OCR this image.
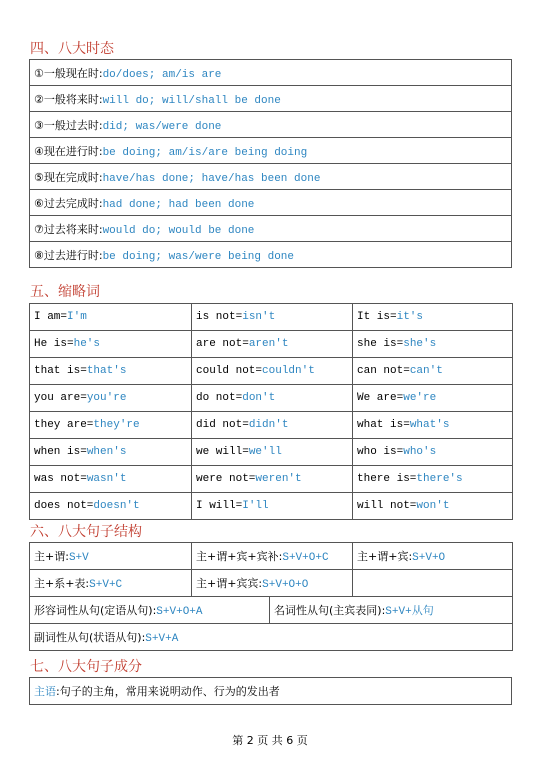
四、八大时态
①一般现在时:do/does; am/is are
②一般将来时:will do; will/shall be done
③一般过去时:did; was/were done
④现在进行时:be doing; am/is/are being doing
⑤现在完成时:have/has done; have/has been done
⑥过去完成时:had done; had been done
⑦过去将来时:would do; would be done
⑧过去进行时:be doing; was/were being done
五、缩略词
I am=I'm	is not=isn't	It is=it's
He is=he's	are not=aren't	she is=she's
that is=that's	could not=couldn't	can not=can't
you are=you're	do not=don't	We are=we're
they are=they're	did not=didn't	what is=what's
when is=when's	we will=we'll	who is=who's
was not=wasn't	were not=weren't	there is=there's
does not=doesn't	I will=I'll	will not=won't
六、八大句子结构
主+谓:S+V	主+谓+宾+宾补:S+V+O+C		主+谓+宾:S+V+O
主+系+表:S+V+C	主+谓+宾宾:S+V+O+O		
形容词性从句(定语从句):S+V+O+A		名词性从句(主宾表同):S+V+从句	
副词性从句(状语从句):S+V+A			
七、八大句子成分
主语:句子的主角，常用来说明动作、行为的发出者
第 2 页 共 6 页
